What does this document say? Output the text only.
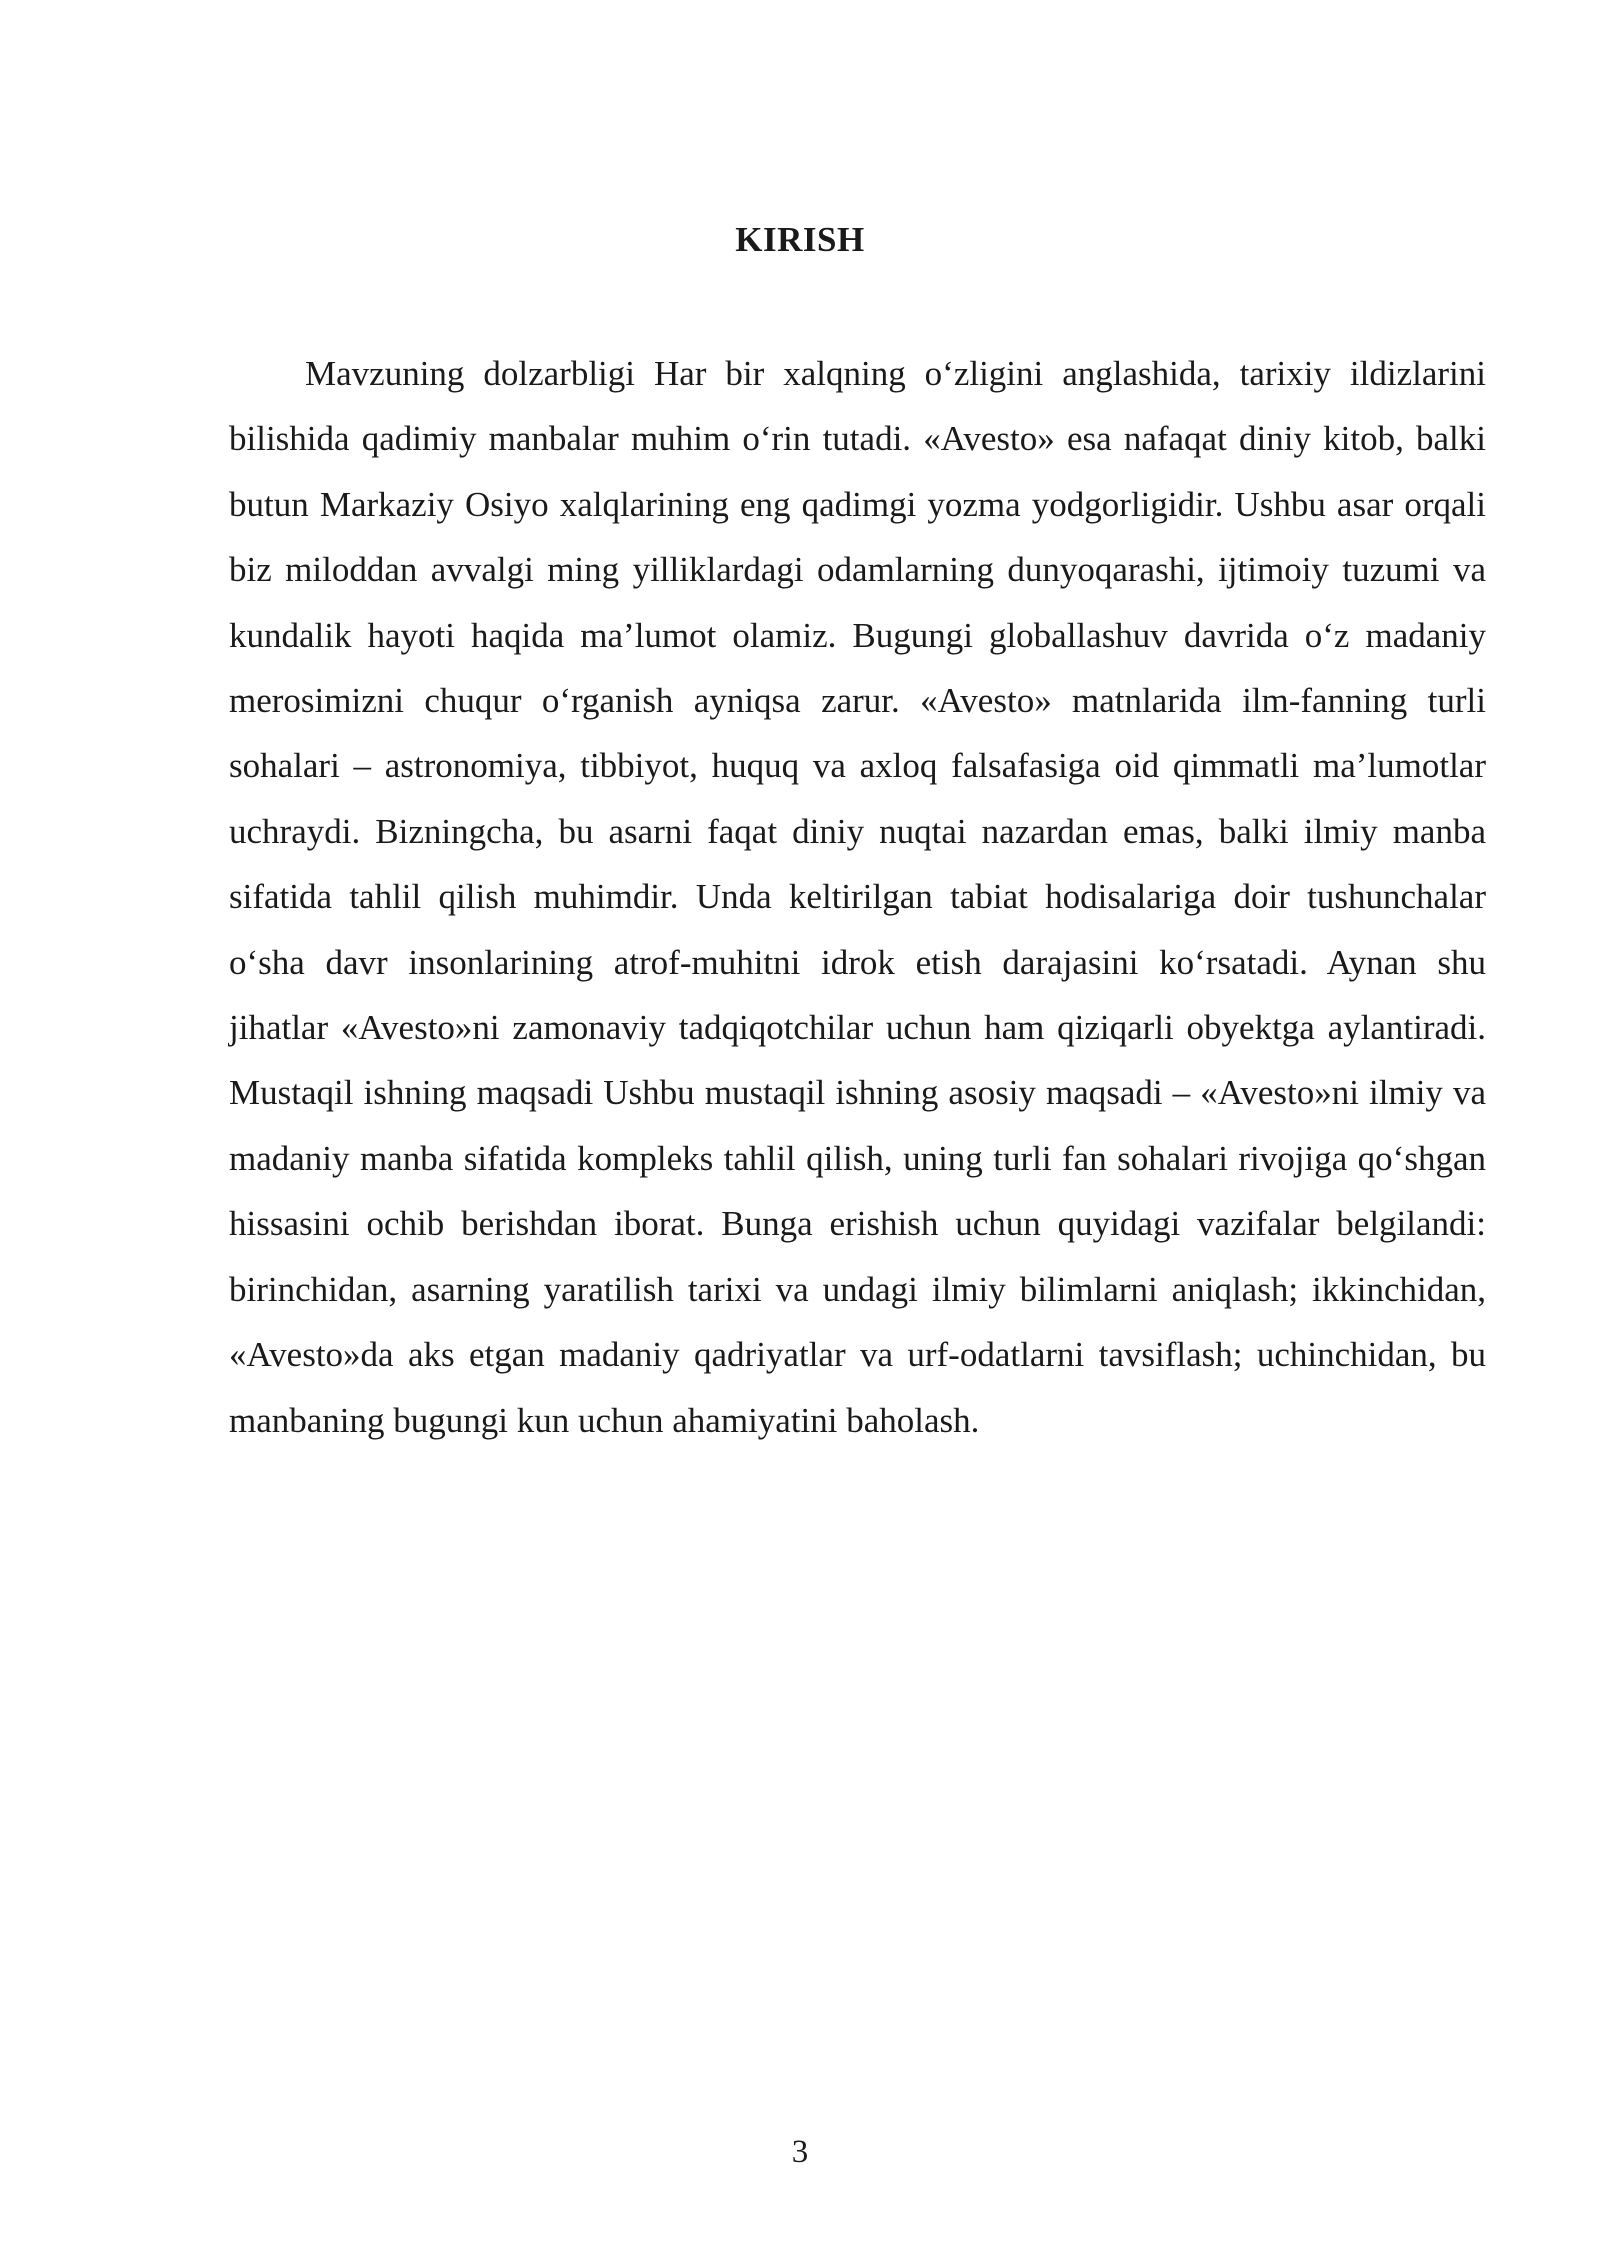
KIRISH

Mavzuning dolzarbligi Har bir xalqning o‘zligini anglashida, tarixiy ildizlarini bilishida qadimiy manbalar muhim o‘rin tutadi. «Avesto» esa nafaqat diniy kitob, balki butun Markaziy Osiyo xalqlarining eng qadimgi yozma yodgorligidir. Ushbu asar orqali biz miloddan avvalgi ming yilliklardagi odamlarning dunyoqarashi, ijtimoiy tuzumi va kundalik hayoti haqida ma’lumot olamiz. Bugungi globallashuv davrida o‘z madaniy merosimizni chuqur o‘rganish ayniqsa zarur. «Avesto» matnlarida ilm-fanning turli sohalari – astronomiya, tibbiyot, huquq va axloq falsafasiga oid qimmatli ma’lumotlar uchraydi. Bizningcha, bu asarni faqat diniy nuqtai nazardan emas, balki ilmiy manba sifatida tahlil qilish muhimdir. Unda keltirilgan tabiat hodisalariga doir tushunchalar o‘sha davr insonlarining atrof-muhitni idrok etish darajasini ko‘rsatadi. Aynan shu jihatlar «Avesto»ni zamonaviy tadqiqotchilar uchun ham qiziqarli obyektga aylantiradi. Mustaqil ishning maqsadi Ushbu mustaqil ishning asosiy maqsadi – «Avesto»ni ilmiy va madaniy manba sifatida kompleks tahlil qilish, uning turli fan sohalari rivojiga qo‘shgan hissasini ochib berishdan iborat. Bunga erishish uchun quyidagi vazifalar belgilandi: birinchidan, asarning yaratilish tarixi va undagi ilmiy bilimlarni aniqlash; ikkinchidan, «Avesto»da aks etgan madaniy qadriyatlar va urf-odatlarni tavsiflash; uchinchidan, bu manbaning bugungi kun uchun ahamiyatini baholash.

3
